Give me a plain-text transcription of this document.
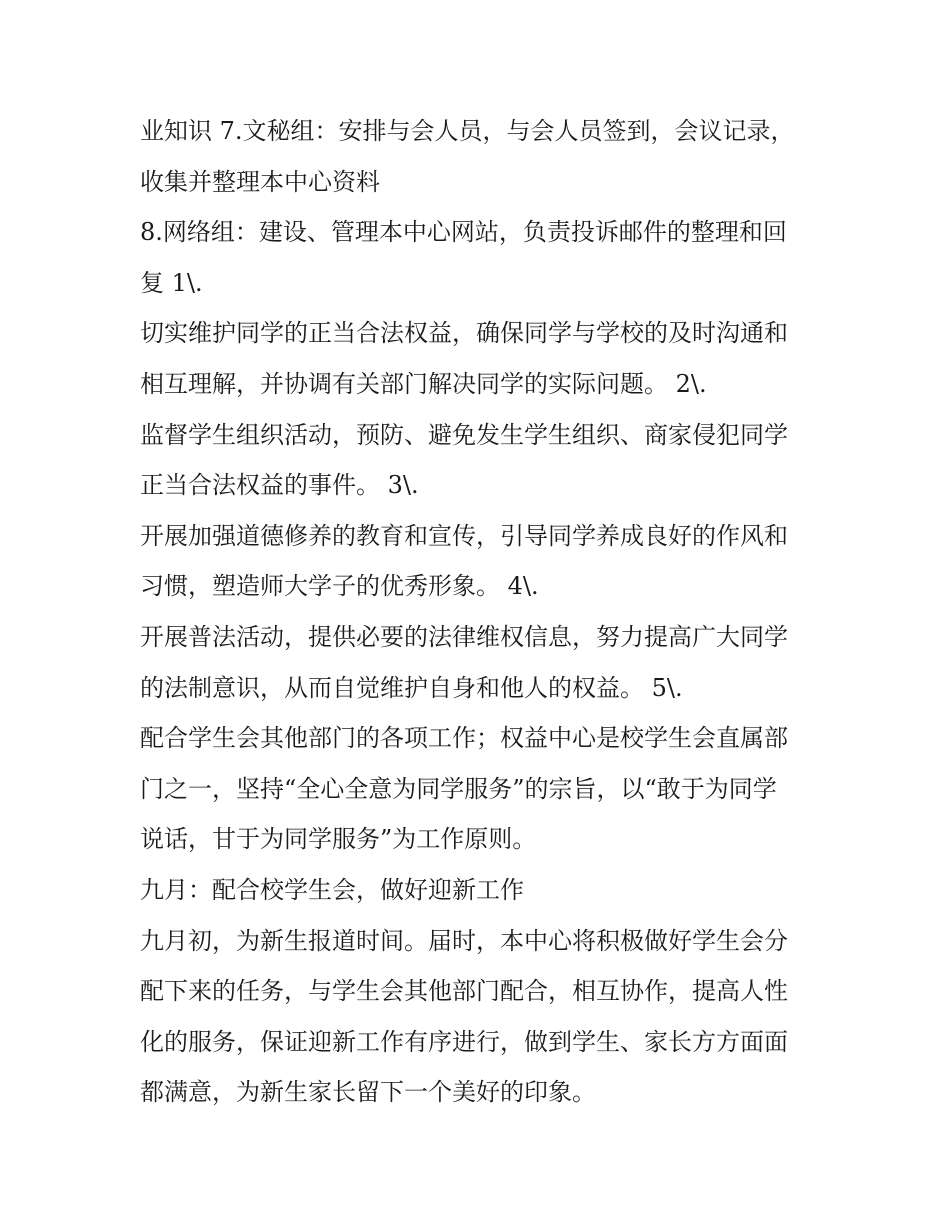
业知识 7.文秘组：安排与会人员，与会人员签到，会议记录，
收集并整理本中心资料
8.网络组：建设、管理本中心网站，负责投诉邮件的整理和回
复 1\.
切实维护同学的正当合法权益，确保同学与学校的及时沟通和
相互理解，并协调有关部门解决同学的实际问题。 2\.
监督学生组织活动，预防、避免发生学生组织、商家侵犯同学
正当合法权益的事件。 3\.
开展加强道德修养的教育和宣传，引导同学养成良好的作风和
习惯，塑造师大学子的优秀形象。 4\.
开展普法活动，提供必要的法律维权信息，努力提高广大同学
的法制意识，从而自觉维护自身和他人的权益。 5\.
配合学生会其他部门的各项工作；权益中心是校学生会直属部
门之一，坚持“全心全意为同学服务”的宗旨，以“敢于为同学
说话，甘于为同学服务”为工作原则。
九月：配合校学生会，做好迎新工作
九月初，为新生报道时间。届时，本中心将积极做好学生会分
配下来的任务，与学生会其他部门配合，相互协作，提高人性
化的服务，保证迎新工作有序进行，做到学生、家长方方面面
都满意，为新生家长留下一个美好的印象。
